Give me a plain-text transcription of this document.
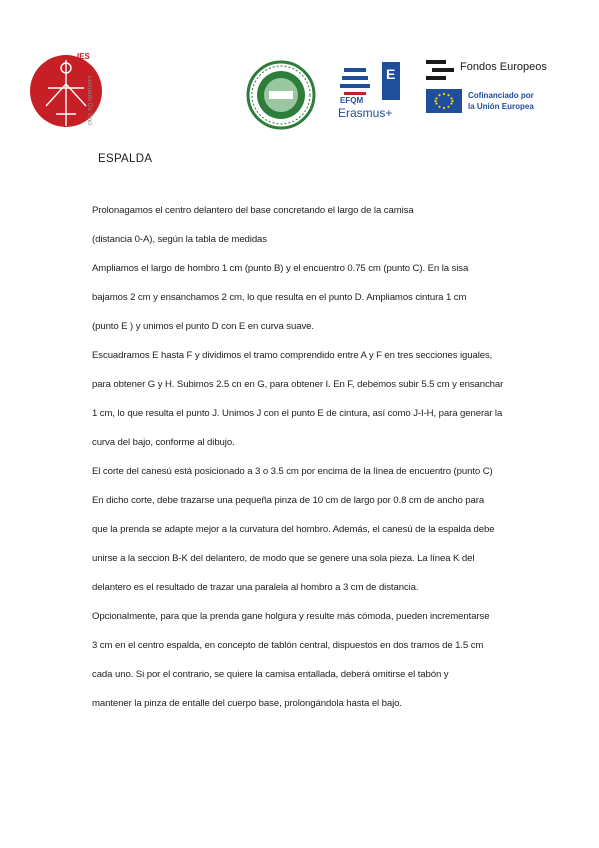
IES
Leonardo Da Vinci
E
EFQM
Erasmus+
Fondos Europeos
Cofinanciado por
la Unión Europea
ESPALDA
Prolonagamos el centro delantero del base concretando el largo de la camisa
(distancia 0-A), según la tabla de medidas
Ampliamos el largo de hombro 1 cm (punto B) y el encuentro 0.75 cm (punto C). En la sisa
bajamos 2 cm y ensanchamos 2 cm, lo que resulta en el punto D. Ampliamos cintura 1 cm
(punto E ) y unimos el punto D con E en curva suave.
Escuadramos E hasta F y dividimos el tramo comprendido entre A y F en tres secciones iguales,
para obtener G y H. Subimos 2.5 cn en G, para obtener I. En F, debemos subir 5.5 cm y ensanchar
1 cm, lo que resulta el punto J. Unimos J con el punto E de cintura, así como J-I-H, para generar la
curva del bajo, conforme al dibujo.
El corte del canesú está posicionado a 3 o 3.5 cm por encima de la línea de encuentro (punto C)
En dicho corte, debe trazarse una pequeña pinza de 10 cm de largo por 0.8 cm de ancho para
que la prenda se adapte mejor a la curvatura del hombro. Además, el canesú de la espalda debe
unirse a la seccion B-K del delantero, de modo que se genere una sola pieza. La línea K del
delantero es el resultado de trazar una paralela al hombro a 3 cm de distancia.
Opcionalmente, para que la prenda gane holgura y resulte más cómoda, pueden incrementarse
3 cm en el centro espalda, en concepto de tablón central, dispuestos en dos tramos de 1.5 cm
cada uno. Si por el contrario, se quiere la camisa entallada, deberá omitirse el tabón y
mantener la pinza de entalle del cuerpo base, prolongándola hasta el bajo.
